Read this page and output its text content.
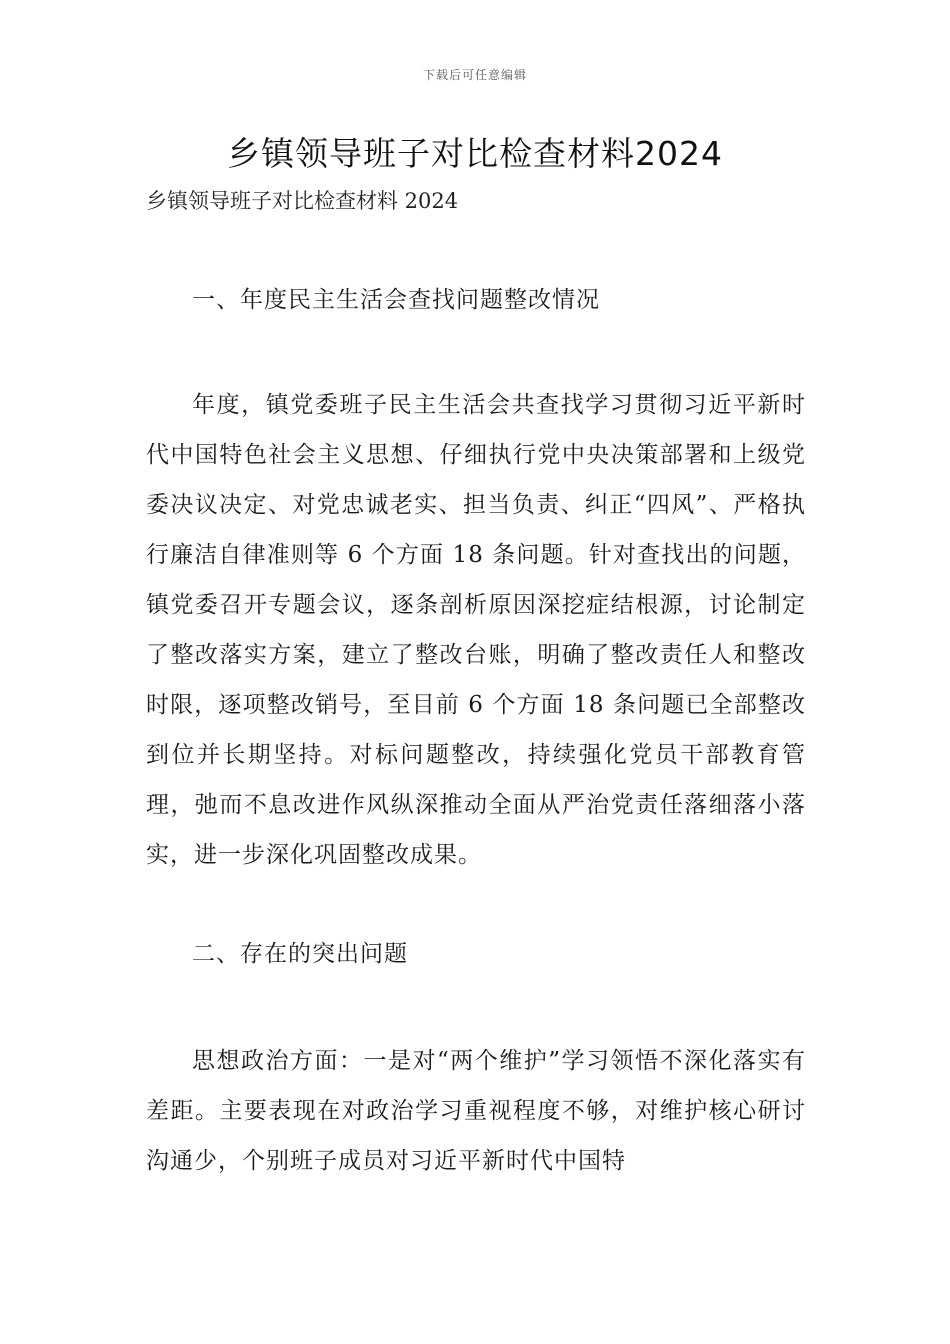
下载后可任意编辑
乡镇领导班子对比检查材料2024
乡镇领导班子对比检查材料 2024

一、年度民主生活会查找问题整改情况

年度，镇党委班子民主生活会共查找学习贯彻习近平新时代中国特色社会主义思想、仔细执行党中央决策部署和上级党委决议决定、对党忠诚老实、担当负责、纠正“四风”、严格执行廉洁自律准则等 6 个方面 18 条问题。针对查找出的问题，镇党委召开专题会议，逐条剖析原因深挖症结根源，讨论制定了整改落实方案，建立了整改台账，明确了整改责任人和整改时限，逐项整改销号，至目前 6 个方面 18 条问题已全部整改到位并长期坚持。对标问题整改，持续强化党员干部教育管理，弛而不息改进作风纵深推动全面从严治党责任落细落小落实，进一步深化巩固整改成果。

二、存在的突出问题

思想政治方面：一是对“两个维护”学习领悟不深化落实有差距。主要表现在对政治学习重视程度不够，对维护核心研讨沟通少，个别班子成员对习近平新时代中国特
